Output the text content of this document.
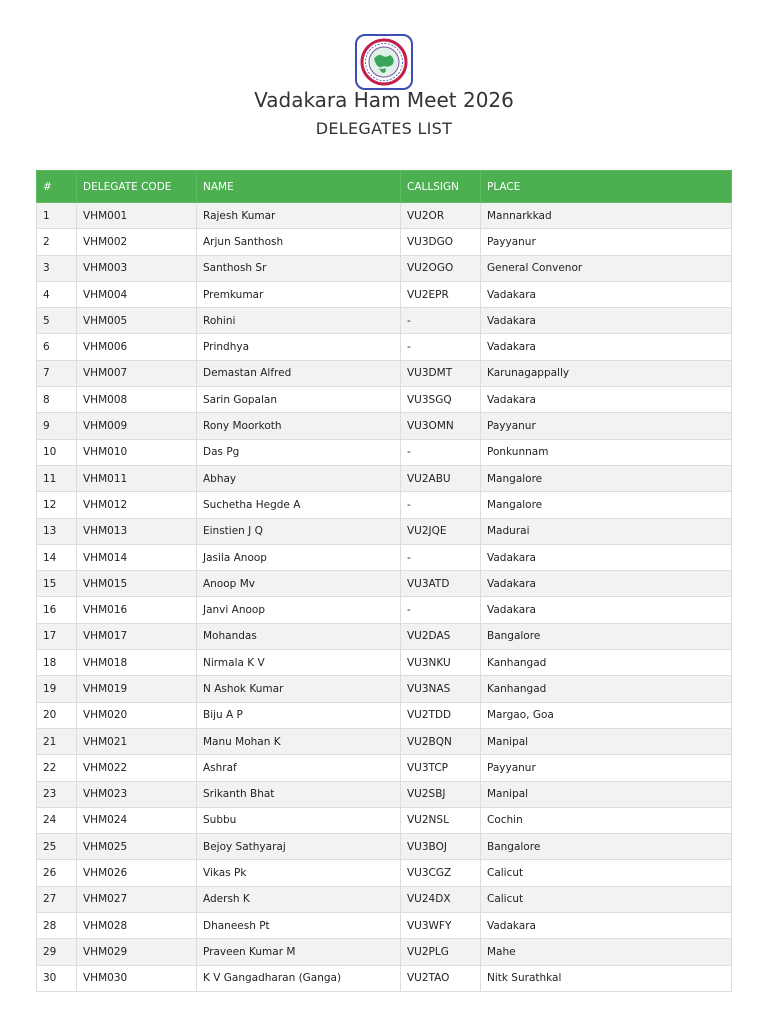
Vadakara Ham Meet 2026
DELEGATES LIST
#	DELEGATE CODE	NAME	CALLSIGN	PLACE
1	VHM001	Rajesh Kumar	VU2OR	Mannarkkad
2	VHM002	Arjun Santhosh	VU3DGO	Payyanur
3	VHM003	Santhosh Sr	VU2OGO	General Convenor
4	VHM004	Premkumar	VU2EPR	Vadakara
5	VHM005	Rohini	-	Vadakara
6	VHM006	Prindhya	-	Vadakara
7	VHM007	Demastan Alfred	VU3DMT	Karunagappally
8	VHM008	Sarin Gopalan	VU3SGQ	Vadakara
9	VHM009	Rony Moorkoth	VU3OMN	Payyanur
10	VHM010	Das Pg	-	Ponkunnam
11	VHM011	Abhay	VU2ABU	Mangalore
12	VHM012	Suchetha Hegde A	-	Mangalore
13	VHM013	Einstien J Q	VU2JQE	Madurai
14	VHM014	Jasila Anoop	-	Vadakara
15	VHM015	Anoop Mv	VU3ATD	Vadakara
16	VHM016	Janvi Anoop	-	Vadakara
17	VHM017	Mohandas	VU2DAS	Bangalore
18	VHM018	Nirmala K V	VU3NKU	Kanhangad
19	VHM019	N Ashok Kumar	VU3NAS	Kanhangad
20	VHM020	Biju A P	VU2TDD	Margao, Goa
21	VHM021	Manu Mohan K	VU2BQN	Manipal
22	VHM022	Ashraf	VU3TCP	Payyanur
23	VHM023	Srikanth Bhat	VU2SBJ	Manipal
24	VHM024	Subbu	VU2NSL	Cochin
25	VHM025	Bejoy Sathyaraj	VU3BOJ	Bangalore
26	VHM026	Vikas Pk	VU3CGZ	Calicut
27	VHM027	Adersh K	VU24DX	Calicut
28	VHM028	Dhaneesh Pt	VU3WFY	Vadakara
29	VHM029	Praveen Kumar M	VU2PLG	Mahe
30	VHM030	K V Gangadharan (Ganga)	VU2TAO	Nitk Surathkal
